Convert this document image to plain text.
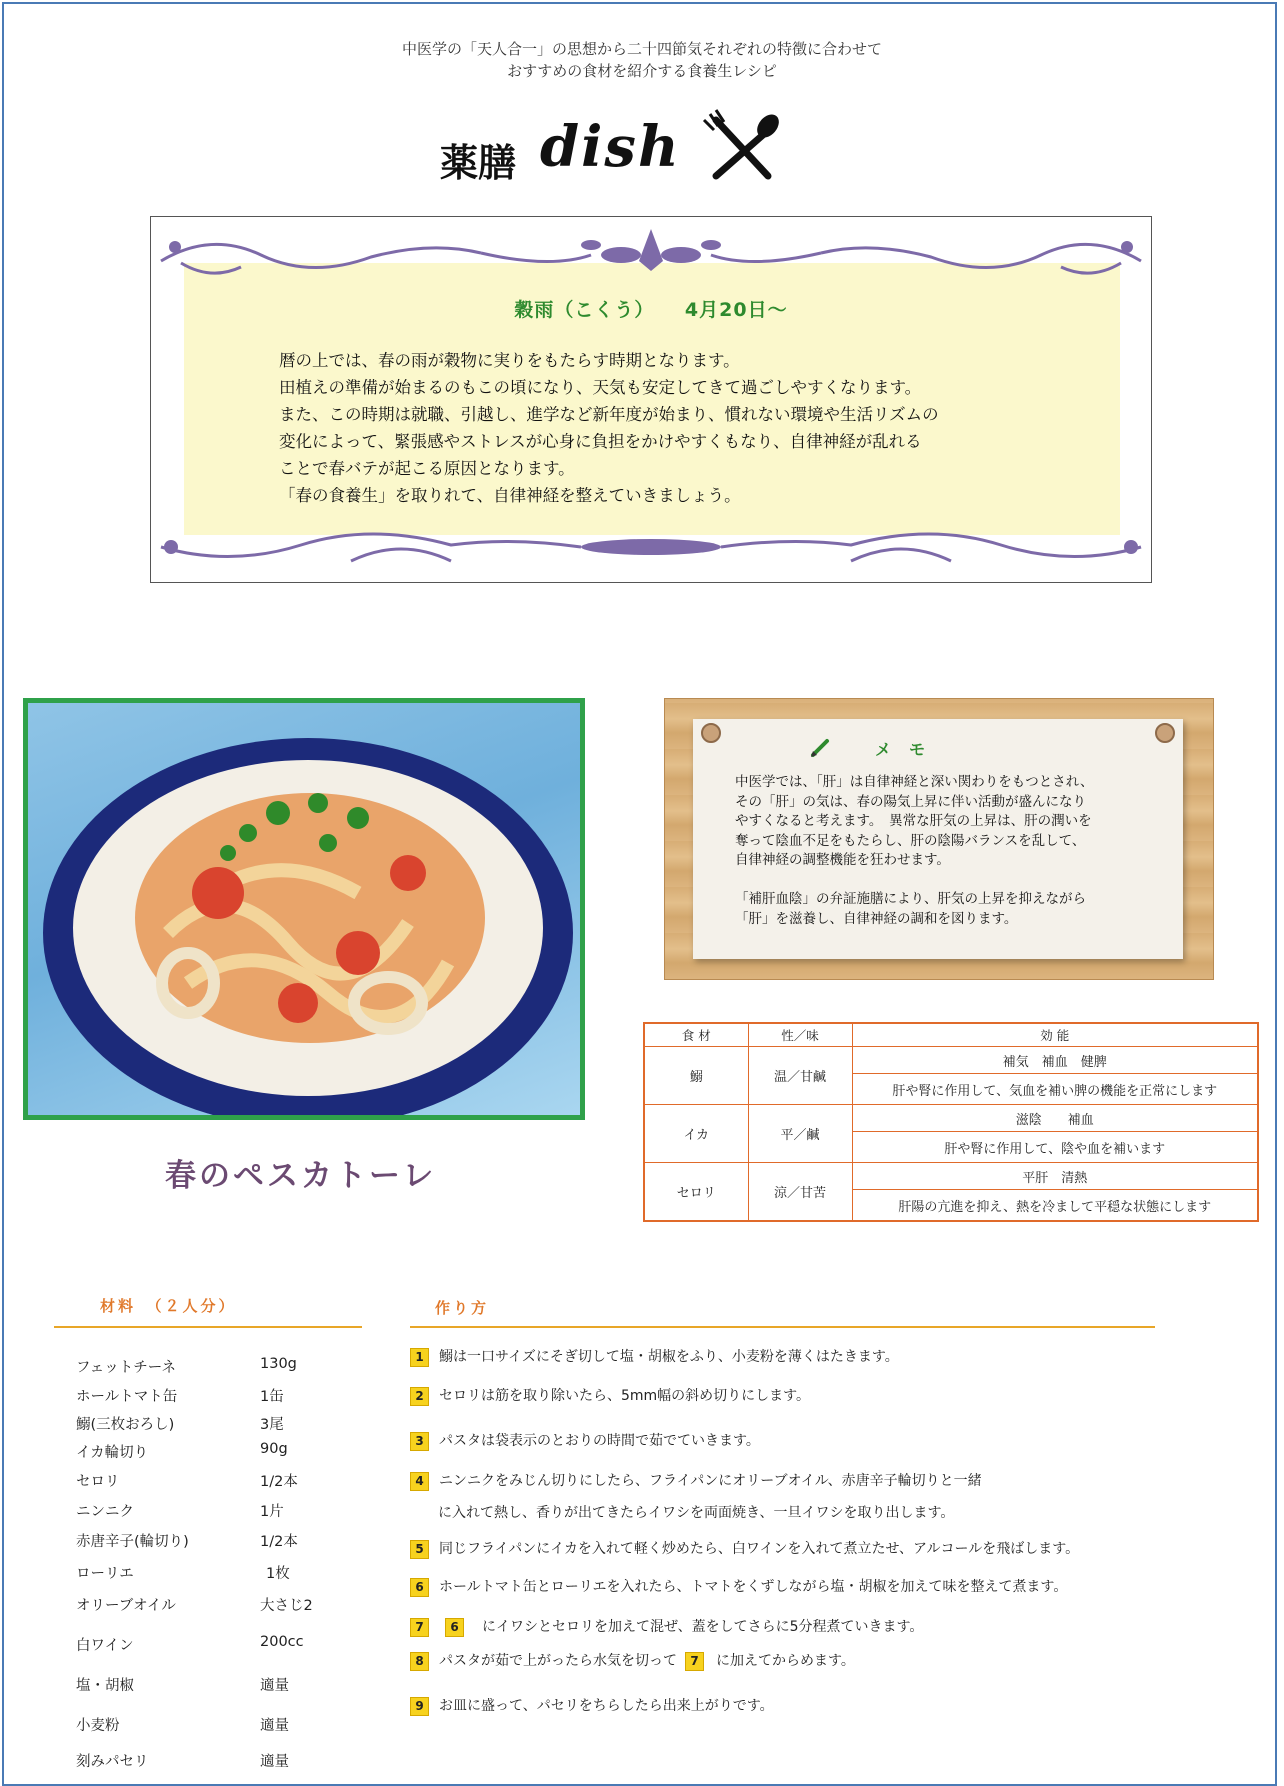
中医学の「天人合一」の思想から二十四節気それぞれの特徴に合わせて
おすすめの食材を紹介する食養生レシピ
薬膳 dish
穀雨（こくう）　　4月20日～
暦の上では、春の雨が穀物に実りをもたらす時期となります。
田植えの準備が始まるのもこの頃になり、天気も安定してきて過ごしやすくなります。
また、この時期は就職、引越し、進学など新年度が始まり、慣れない環境や生活リズムの
変化によって、緊張感やストレスが心身に負担をかけやすくもなり、自律神経が乱れる
ことで春バテが起こる原因となります。
「春の食養生」を取りれて、自律神経を整えていきましょう。
春のペスカトーレ
メモ
中医学では、「肝」は自律神経と深い関わりをもつとされ、
その「肝」の気は、春の陽気上昇に伴い活動が盛んになり
やすくなると考えます。　異常な肝気の上昇は、肝の潤いを
奪って陰血不足をもたらし、肝の陰陽バランスを乱して、
自律神経の調整機能を狂わせます。

「補肝血陰」の弁証施膳により、肝気の上昇を抑えながら
「肝」を滋養し、自律神経の調和を図ります。
食 材	性／味	効 能
鰯	温／甘鹹	補気　補血　健脾
		肝や腎に作用して、気血を補い脾の機能を正常にします
イカ	平／鹹	滋陰　　補血
		肝や腎に作用して、陰や血を補います
セロリ	涼／甘苦	平肝　清熱
		肝陽の亢進を抑え、熱を冷まして平穏な状態にします
材料　（２人分）	作り方
フェットチーネ	130g
ホールトマト缶	1缶
鰯(三枚おろし)	3尾
イカ輪切り	90g
セロリ	1/2本
ニンニク	1片
赤唐辛子(輪切り)	1/2本
ローリエ	1枚
オリーブオイル	大さじ2
白ワイン	200cc
塩・胡椒	適量
小麦粉	適量
刻みパセリ	適量
1 鰯は一口サイズにそぎ切して塩・胡椒をふり、小麦粉を薄くはたきます。
2 セロリは筋を取り除いたら、5mm幅の斜め切りにします。
3 パスタは袋表示のとおりの時間で茹でていきます。
4 ニンニクをみじん切りにしたら、フライパンにオリーブオイル、赤唐辛子輪切りと一緒
に入れて熱し、香りが出てきたらイワシを両面焼き、一旦イワシを取り出します。
5 同じフライパンにイカを入れて軽く炒めたら、白ワインを入れて煮立たせ、アルコールを飛ばします。
6 ホールトマト缶とローリエを入れたら、トマトをくずしながら塩・胡椒を加えて味を整えて煮ます。
7 6 にイワシとセロリを加えて混ぜ、蓋をしてさらに5分程煮ていきます。
8 パスタが茹で上がったら水気を切って 7 に加えてからめます。
9 お皿に盛って、パセリをちらしたら出来上がりです。
